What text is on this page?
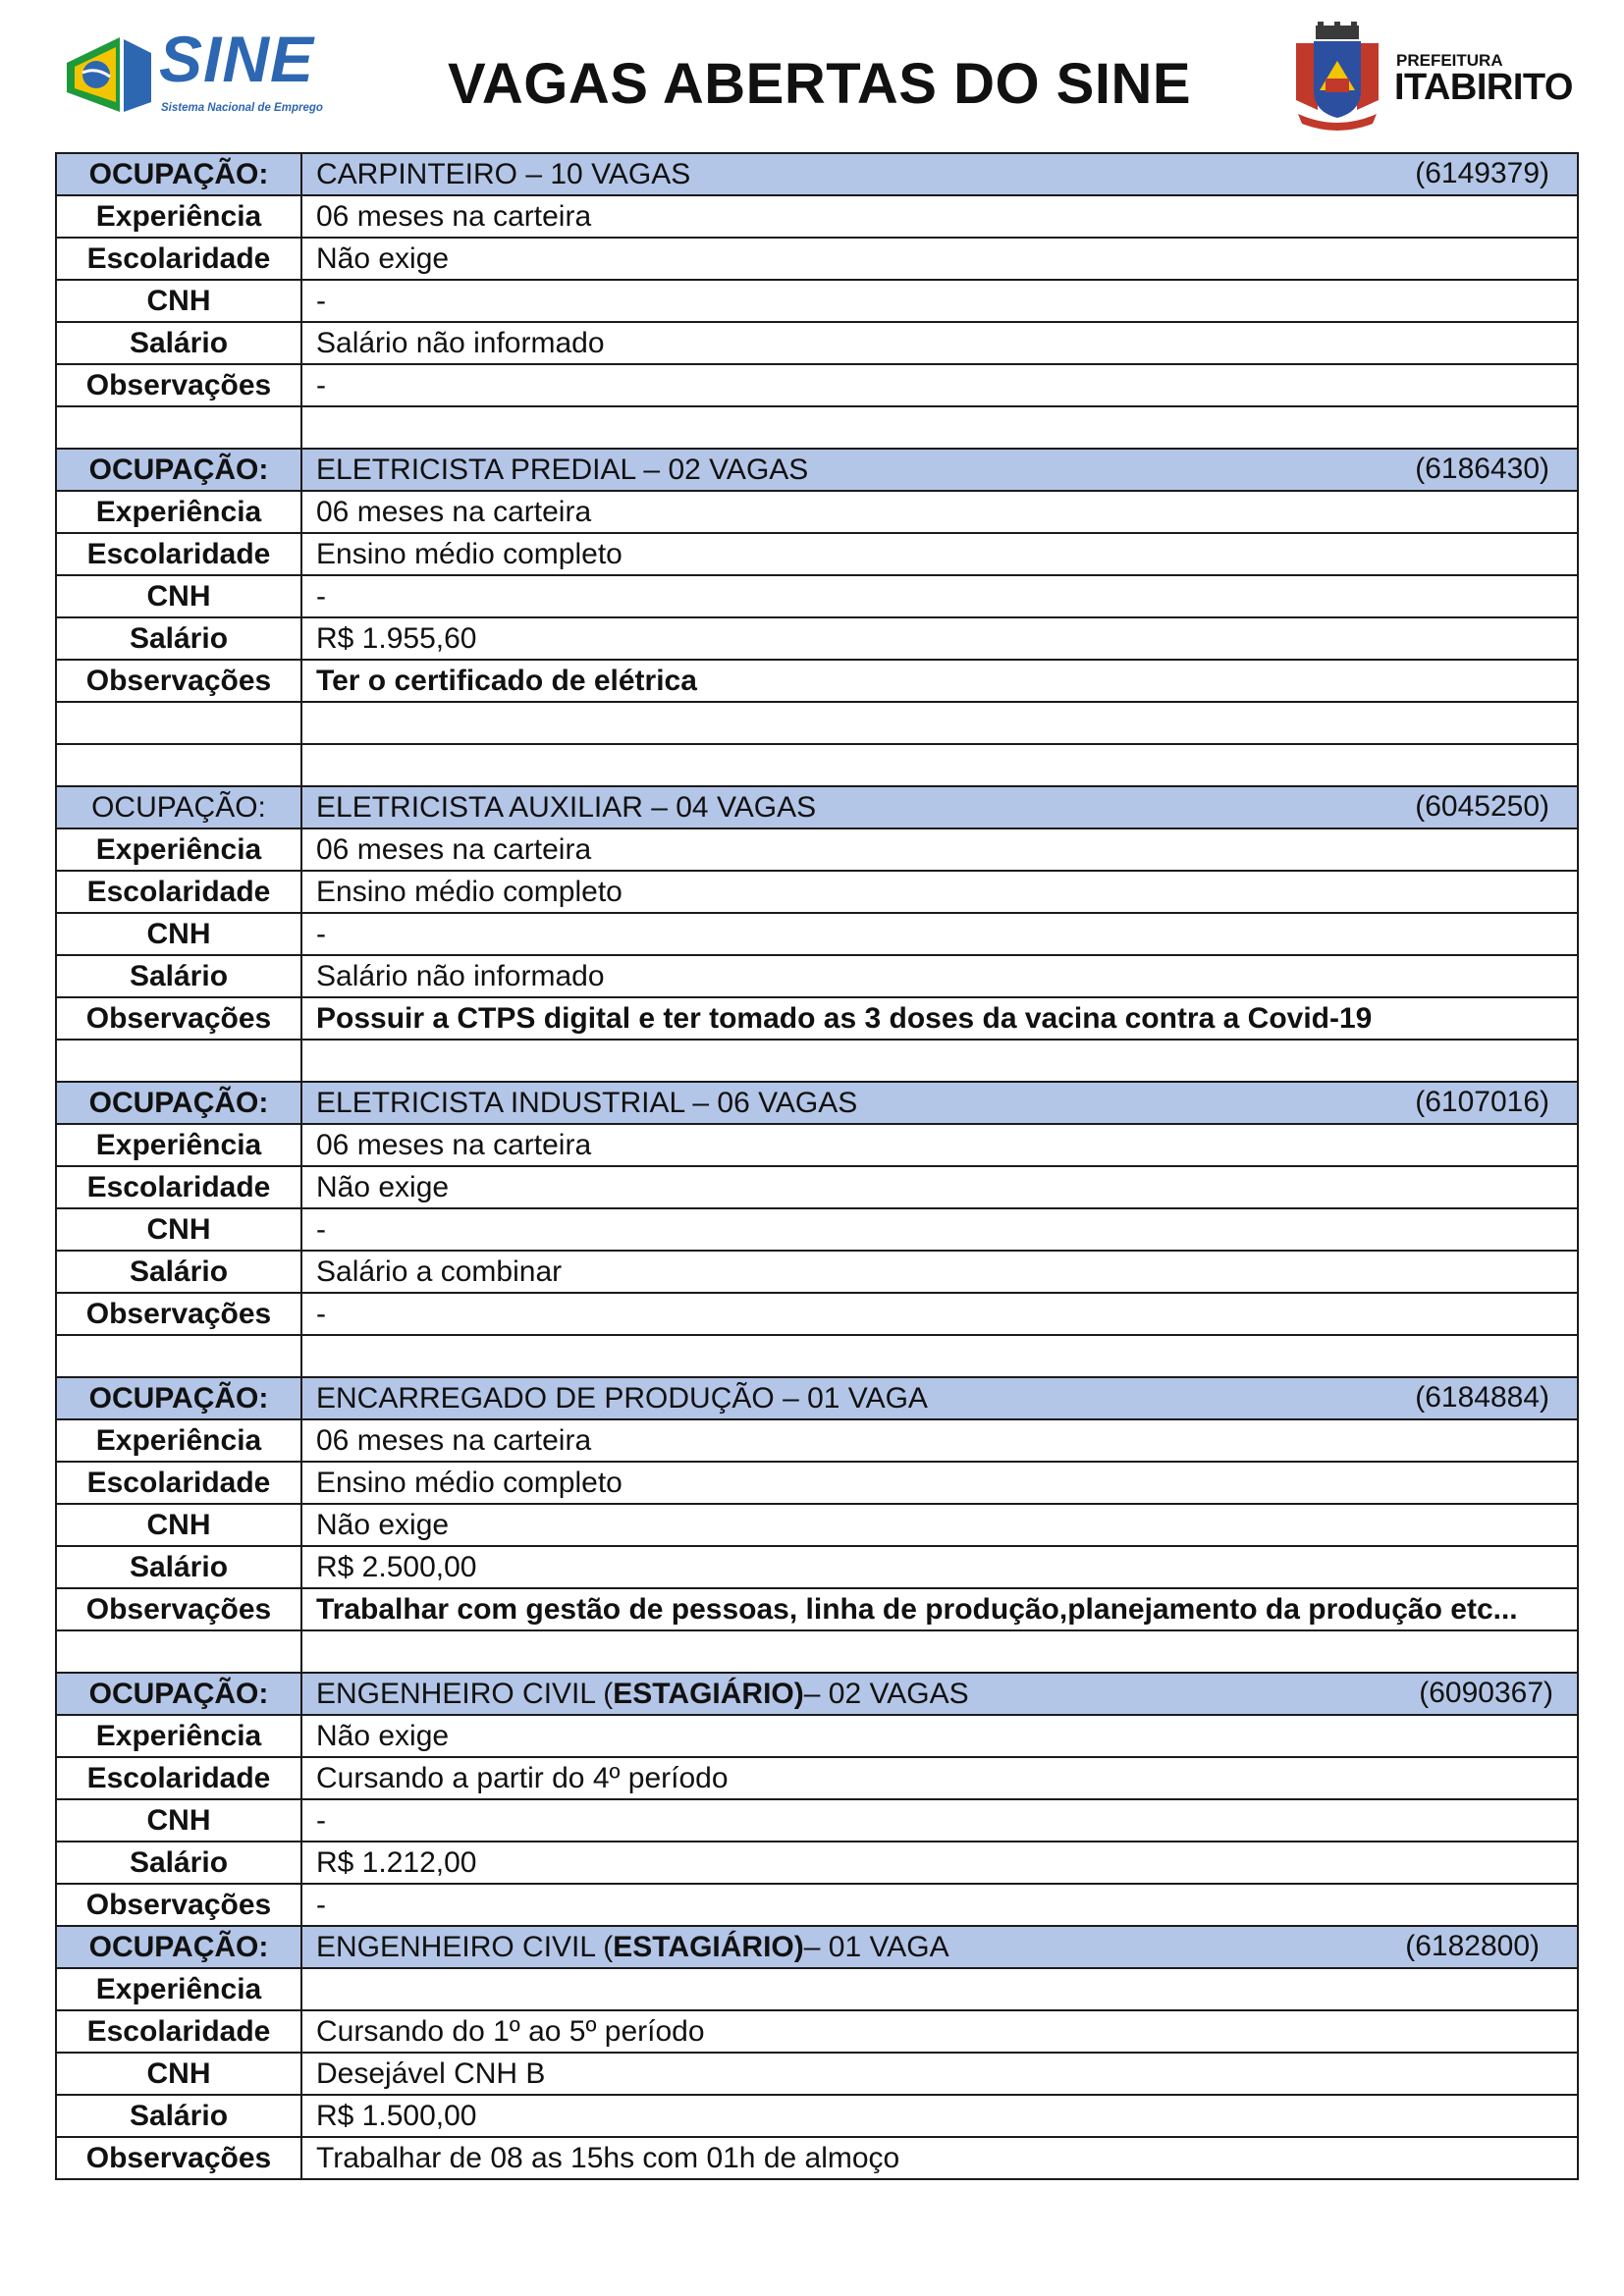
SINE
Sistema Nacional de Emprego VAGAS ABERTAS DO SINE	PREFEITURA
ITABIRITO
OCUPAÇÃO:	CARPINTEIRO – 10 VAGAS (6149379)

Experiência	06 meses na carteira
Escolaridade	Não exige
CNH	-
Salário	Salário não informado
Observações	-

OCUPAÇÃO:	ELETRICISTA PREDIAL – 02 VAGAS (6186430)

Experiência	06 meses na carteira
Escolaridade	Ensino médio completo
CNH	-
Salário	R$ 1.955,60
Observações	Ter o certificado de elétrica

OCUPAÇÃO:	ELETRICISTA AUXILIAR – 04 VAGAS (6045250)

Experiência	06 meses na carteira
Escolaridade	Ensino médio completo
CNH	-
Salário	Salário não informado
Observações	Possuir a CTPS digital e ter tomado as 3 doses da vacina contra a Covid-19

OCUPAÇÃO:	ELETRICISTA INDUSTRIAL – 06 VAGAS (6107016)

Experiência	06 meses na carteira
Escolaridade	Não exige
CNH	-
Salário	Salário a combinar
Observações	-

OCUPAÇÃO:	ENCARREGADO DE PRODUÇÃO – 01 VAGA (6184884)

Experiência	06 meses na carteira
Escolaridade	Ensino médio completo
CNH	Não exige
Salário	R$ 2.500,00
Observações	Trabalhar com gestão de pessoas, linha de produção,planejamento da produção etc...

OCUPAÇÃO:	ENGENHEIRO CIVIL (ESTAGIÁRIO)– 02 VAGAS (6090367)

Experiência	Não exige
Escolaridade	Cursando a partir do 4º período
CNH	-
Salário	R$ 1.212,00
Observações	-
OCUPAÇÃO:	ENGENHEIRO CIVIL (ESTAGIÁRIO)– 01 VAGA (6182800)

Experiência	
Escolaridade	Cursando do 1º ao 5º período
CNH	Desejável CNH B
Salário	R$ 1.500,00
Observações	Trabalhar de 08 as 15hs com 01h de almoço
